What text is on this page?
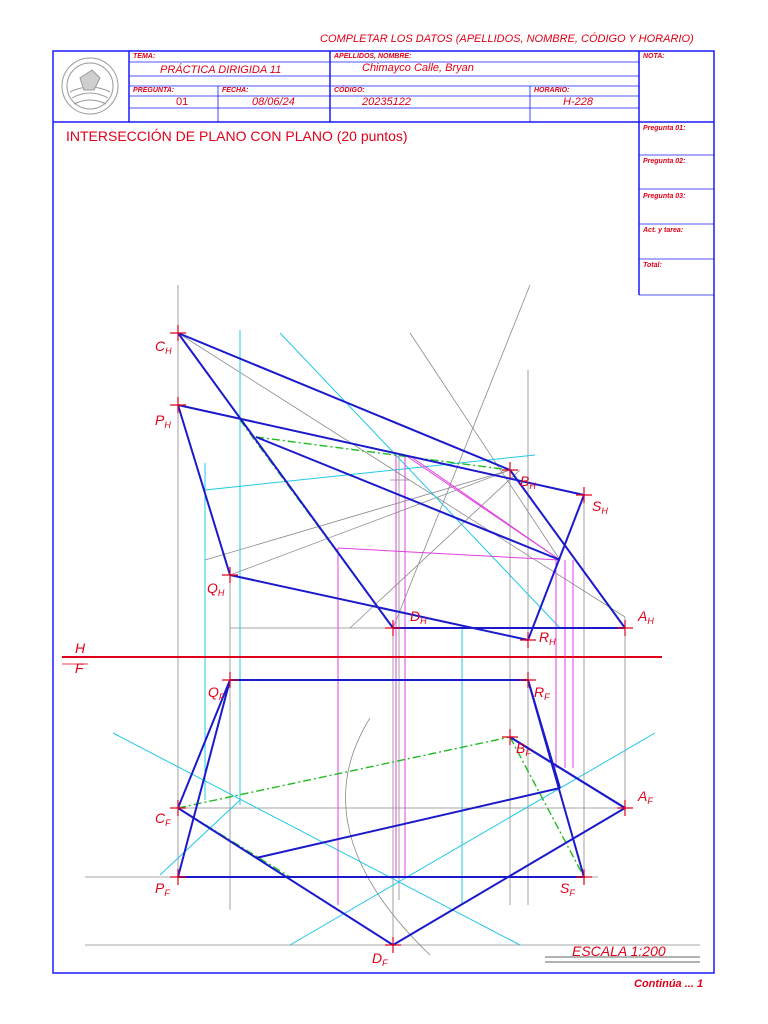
COMPLETAR LOS DATOS (APELLIDOS, NOMBRE, CÓDIGO Y HORARIO)
TEMA:
PRÁCTICA DIRIGIDA 11
APELLIDOS, NOMBRE:
Chimayco Calle, Bryan
NOTA:
PREGUNTA:
01
FECHA:
08/06/24
CÓDIGO:
20235122
HORARIO:
H-228
INTERSECCIÓN DE PLANO CON PLANO (20 puntos)	Pregunta 01:
Pregunta 02:
Pregunta 03:
Act. y tarea:
Total:
$C_H$
$P_H$
$Q_H$
$D_H$
$B_H$
$S_H$
$A_H$
$R_H$
$Q_F$	$R_F$
$B_F$
$A_F$
$C_F$
$P_F$	$S_F$
$D_F$
H
F
ESCALA 1:200
Continúa ... 1
